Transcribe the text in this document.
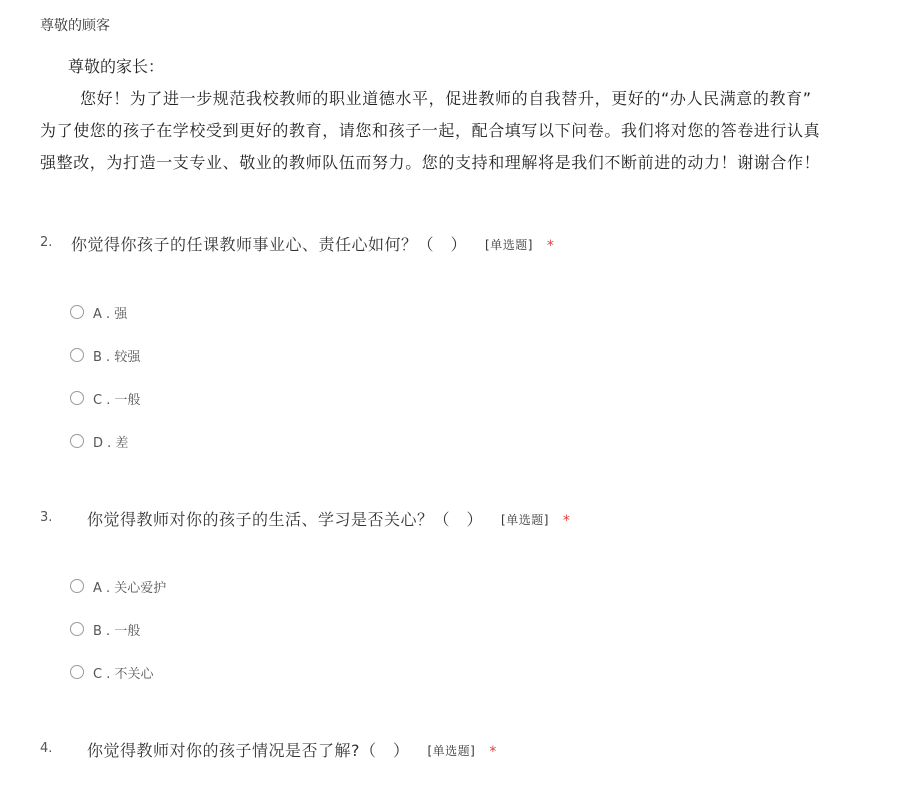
尊敬的顾客
尊敬的家长：
您好！为了进一步规范我校教师的职业道德水平，促进教师的自我替升，更好的“办人民满意的教育”
为了使您的孩子在学校受到更好的教育，请您和孩子一起，配合填写以下问卷。我们将对您的答卷进行认真
强整改，为打造一支专业、敬业的教师队伍而努力。您的支持和理解将是我们不断前进的动力！谢谢合作！
2. 你觉得你孩子的任课教师事业心、责任心如何？（　） [单选题] *
A . 强
B . 较强
C . 一般
D . 差
3. 你觉得教师对你的孩子的生活、学习是否关心？（　） [单选题] *
A . 关心爱护
B . 一般
C . 不关心
4. 你觉得教师对你的孩子情况是否了解?（　） [单选题] *
